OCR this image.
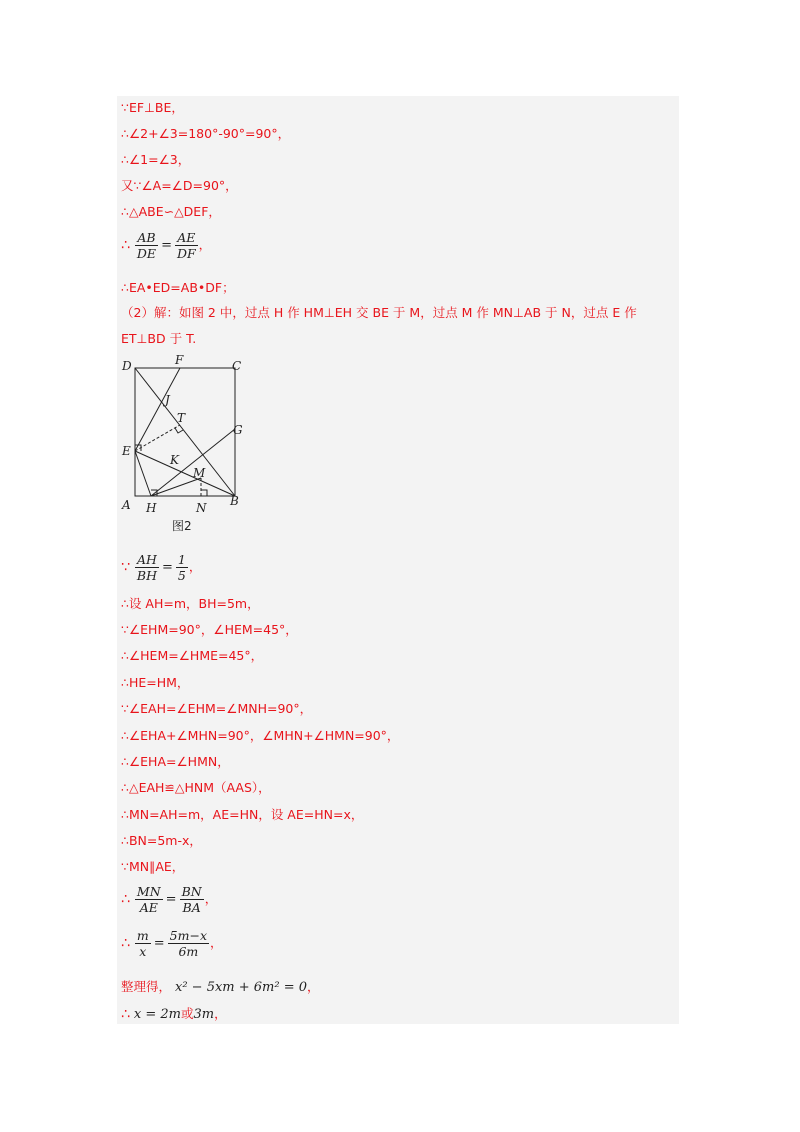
∵EF⊥BE，
∴∠2+∠3=180°-90°=90°，
∴∠1=∠3，
又∵∠A=∠D=90°，
∴△ABE∽△DEF，
∴ $\frac{AB}{DE} = \frac{AE}{DF}$ ，
∴EA•ED=AB•DF；
（2）解：如图 2 中，过点 H 作 HM⊥EH 交 BE 于 M，过点 M 作 MN⊥AB 于 N，过点 E 作 ET⊥BD 于 T.
D	F	C
J
T
G
E
K
M
A H	N B
图2
∵ $\frac{AH}{BH} = \frac{1}{5}$ ，
∴设 AH=m，BH=5m，
∵∠EHM=90°，∠HEM=45°，
∴∠HEM=∠HME=45°，
∴HE=HM，
∵∠EAH=∠EHM=∠MNH=90°，
∴∠EHA+∠MHN=90°，∠MHN+∠HMN=90°，
∴∠EHA=∠HMN，
∴△EAH≌△HNM（AAS），
∴MN=AH=m，AE=HN，设 AE=HN=x，
∴BN=5m-x，
∵MN∥AE，
∴ $\frac{MN}{AE} = \frac{BN}{BA}$ ，
∴ $\frac{m}{x} = \frac{5m-x}{6m}$ ，
整理得， x² − 5xm + 6m² = 0，
∴ x = 2m或3m，
